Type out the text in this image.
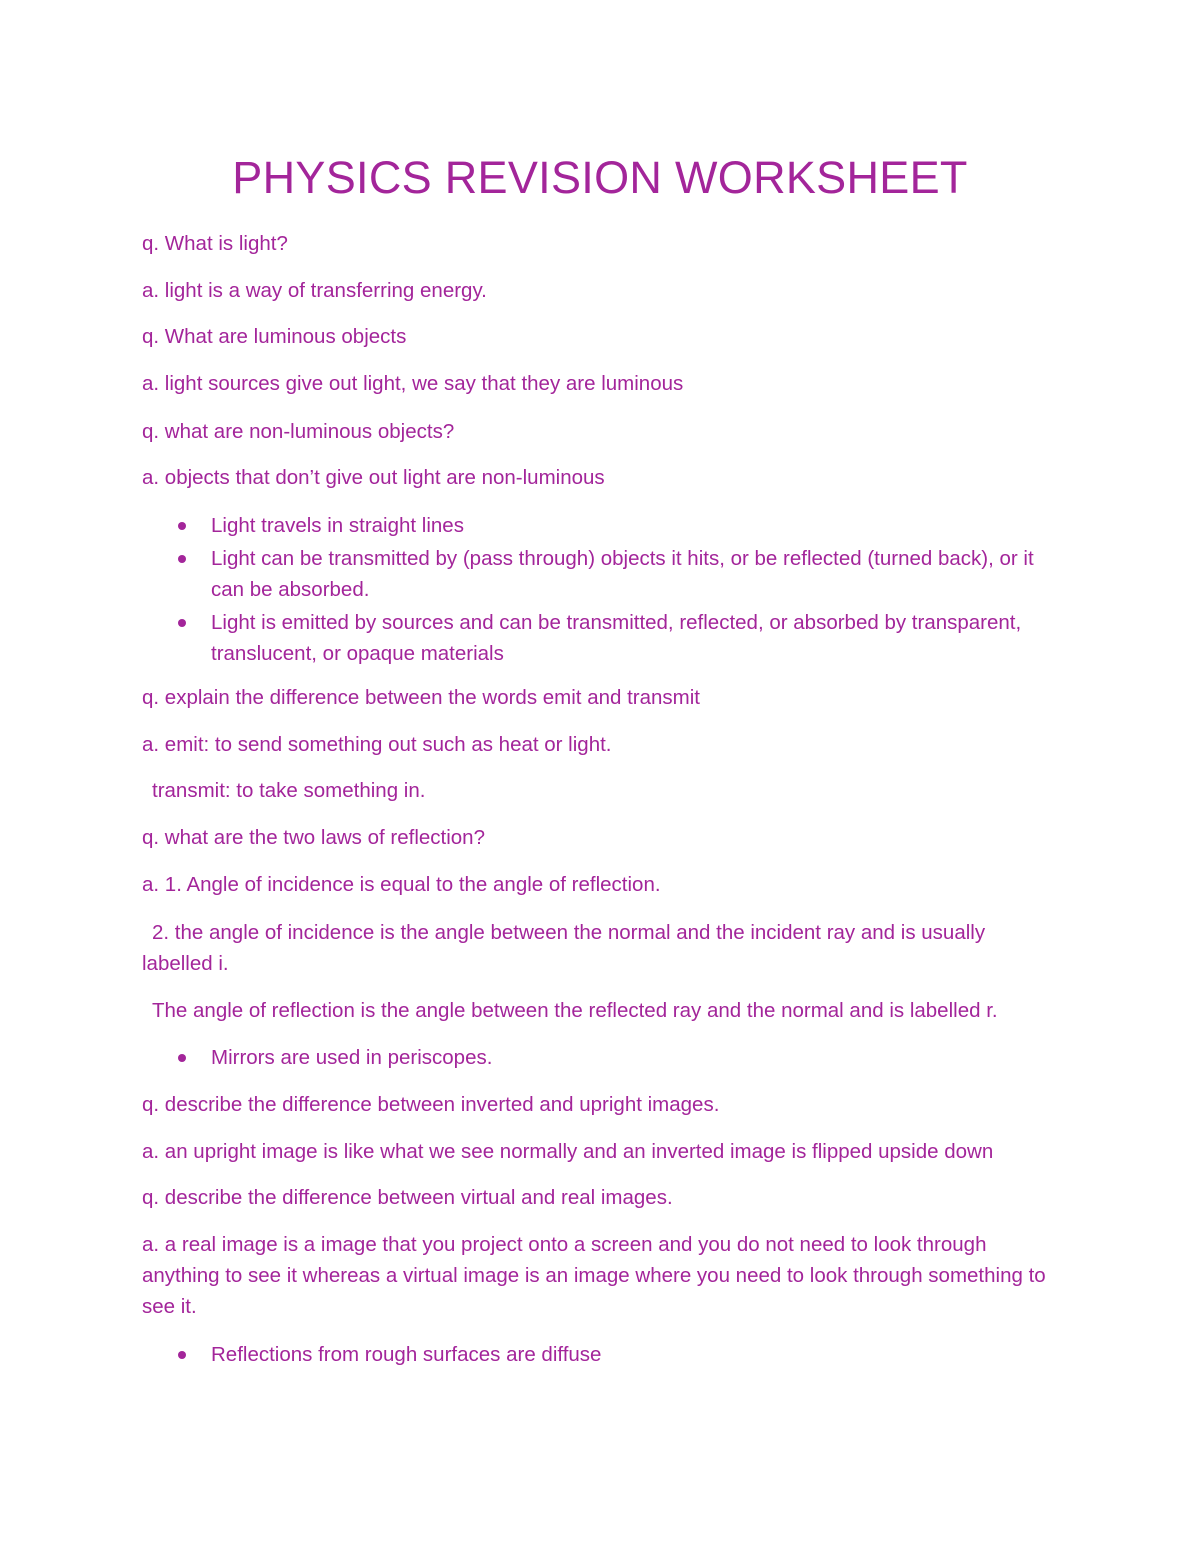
PHYSICS REVISION WORKSHEET
q. What is light?
a. light is a way of transferring energy.
q. What are luminous objects
a. light sources give out light, we say that they are luminous
q. what are non-luminous objects?
a. objects that don’t give out light are non-luminous
Light travels in straight lines
Light can be transmitted by (pass through) objects it hits, or be reflected (turned back), or it can be absorbed.
Light is emitted by sources and can be transmitted, reflected, or absorbed by transparent, translucent, or opaque materials
q. explain the difference between the words emit and transmit
a. emit: to send something out such as heat or light.
transmit: to take something in.
q. what are the two laws of reflection?
a. 1. Angle of incidence is equal to the angle of reflection.
2. the angle of incidence is the angle between the normal and the incident ray and is usually labelled i.
The angle of reflection is the angle between the reflected ray and the normal and is labelled r.
Mirrors are used in periscopes.
q. describe the difference between inverted and upright images.
a. an upright image is like what we see normally and an inverted image is flipped upside down
q. describe the difference between virtual and real images.
a. a real image is a image that you project onto a screen and you do not need to look through anything to see it whereas a virtual image is an image where you need to look through something to see it.
Reflections from rough surfaces are diffuse
